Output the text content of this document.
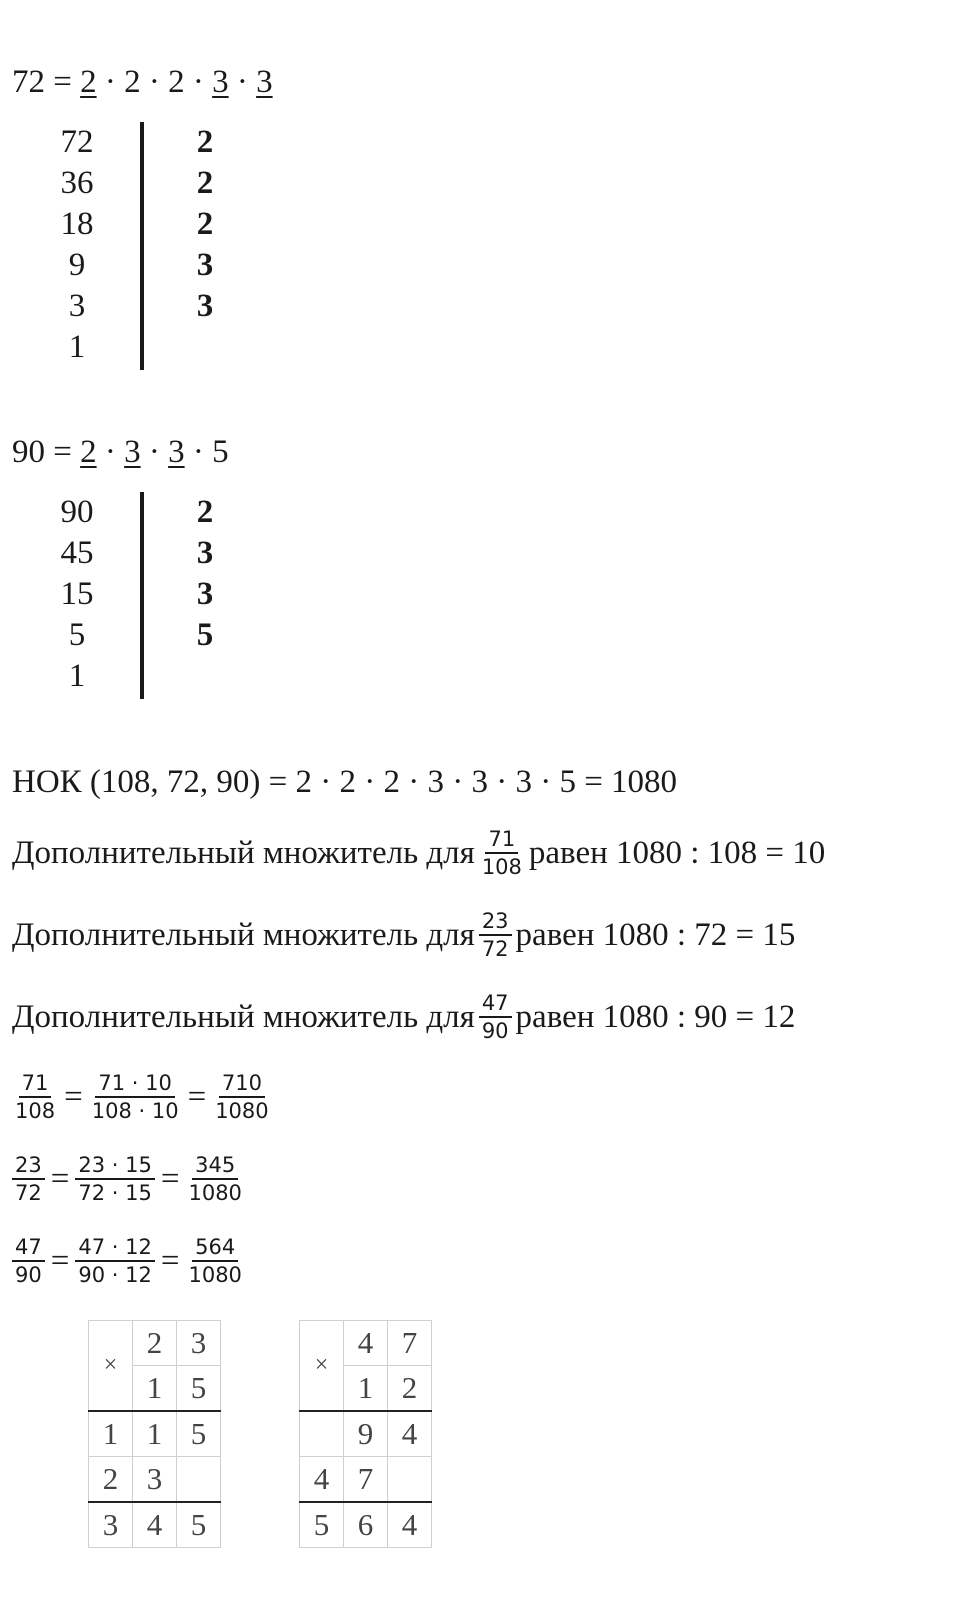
72 = 2 · 2 · 2 · 3 · 3
72	2
36	2
18	2
9	3
3	3
1
90 = 2 · 3 · 3 · 5
90	2
45	3
15	3
5	5
1
НОК (108, 72, 90) = 2 · 2 · 2 · 3 · 3 · 3 · 5 = 1080
Дополнительный множитель для $\frac{71}{108}$ равен 1080 : 108 = 10
Дополнительный множитель для $\frac{23}{72}$ равен 1080 : 72 = 15
Дополнительный множитель для $\frac{47}{90}$ равен 1080 : 90 = 12
$\frac{71}{108} = \frac{71 \cdot 10}{108 \cdot 10} = \frac{710}{1080}$
$\frac{23}{72} = \frac{23 \cdot 15}{72 \cdot 15} = \frac{345}{1080}$
$\frac{47}{90} = \frac{47 \cdot 12}{90 \cdot 12} = \frac{564}{1080}$
×	2	3
	1	5
1	1	5
2	3	
3	4	5
×	4	7
	1	2
	9	4
4	7	
5	6	4
